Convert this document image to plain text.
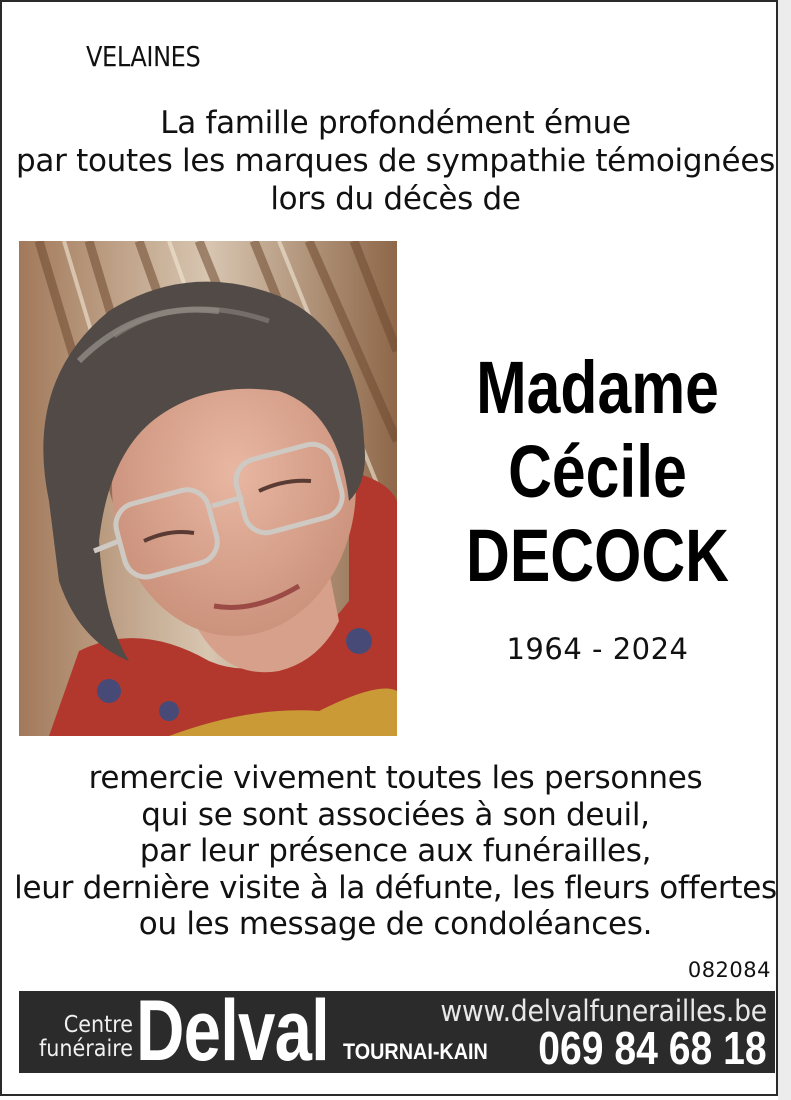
VELAINES
La famille profondément émue
par toutes les marques de sympathie témoignées
lors du décès de
Madame
Cécile
DECOCK
1964 - 2024
remercie vivement toutes les personnes
qui se sont associées à son deuil,
par leur présence aux funérailles,
leur dernière visite à la défunte, les fleurs offertes
ou les message de condoléances.
082084
Centre
funéraire Delval TOURNAI-KAIN
www.delvalfunerailles.be
069 84 68 18
